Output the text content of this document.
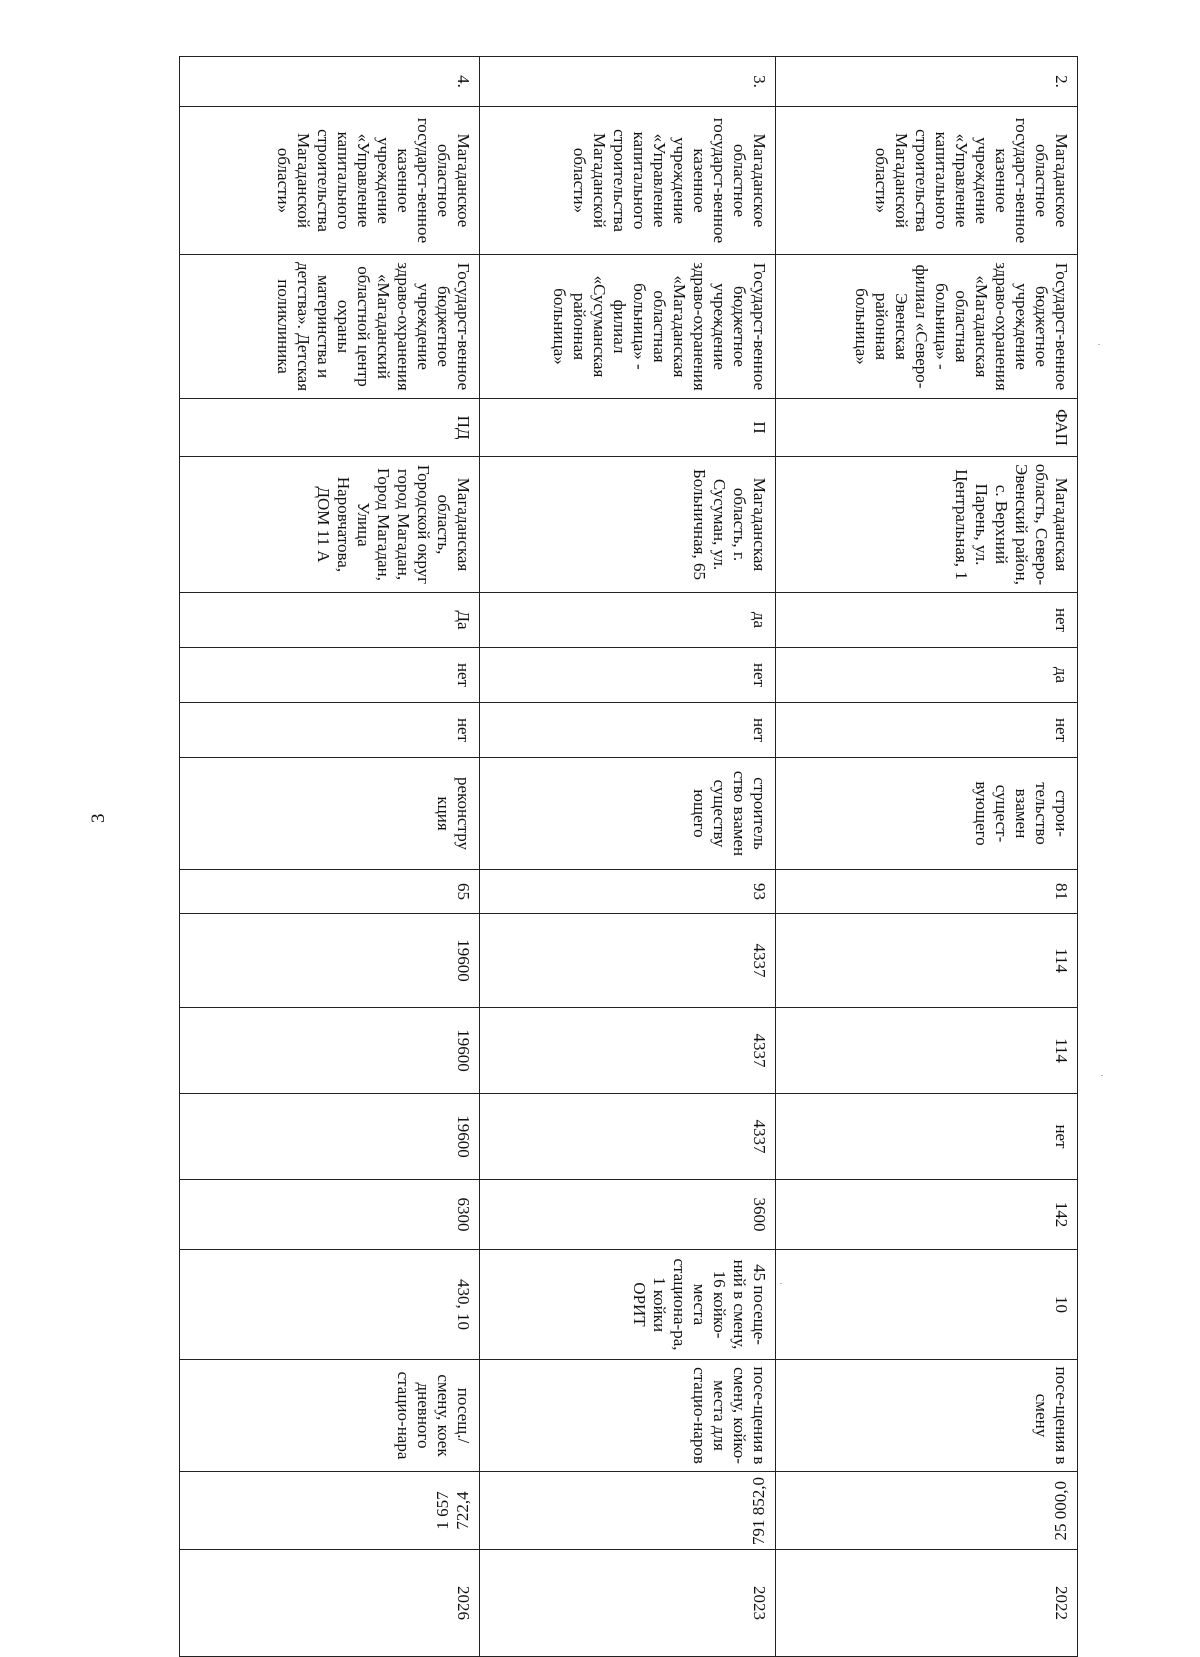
3
2.	Магаданское областное государст-венное казенное учреждение «Управление капитального строительства Магаданской области»	Государст-венное бюджетное учреждение здраво-охранения «Магаданская областная больница» - филиал «Северо-Эвенская районная больница»	ФАП	Магаданская область, Северо-Эвенский район, с. Верхний Парень, ул. Центральная, 1	нет	да	нет	строи-тельство взамен сущест-вующего	81	114	114	нет	142	10	посе-щения в смену	25 000,0	2022
3.	Магаданское областное государст-венное казенное учреждение «Управление капитального строительства Магаданской области»	Государст-венное бюджетное учреждение здраво-охранения «Магаданская областная больница» - филиал «Сусуманская районная больница»	П	Магаданская область, г. Сусуман, ул. Больничная, 65	да	нет	нет	строитель ство взамен существу ющего	93	4337	4337	4337	3600	45 посеще-ний в смену, 16 койко-места стациона-ра, 1 койки ОРИТ	посе-щения в смену, койко-места для стацио-наров	791 852,0	2023
4.	Магаданское областное государст-венное казенное учреждение «Управление капитального строительства Магаданской области»	Государст-венное бюджетное учреждение здраво-охранения «Магаданский областной центр охраны материнства и детства». Детская поликлиника	ПД	Магаданская область, Городской округ город Магадан, Город Магадан, Улица Наровчатова, ДОМ 11 А	Да	нет	нет	реконстру кция	65	19600	19600	19600	6300	430, 10	посещ./ смену, коек дневного стацио-нара	1 657 722,4	2026
